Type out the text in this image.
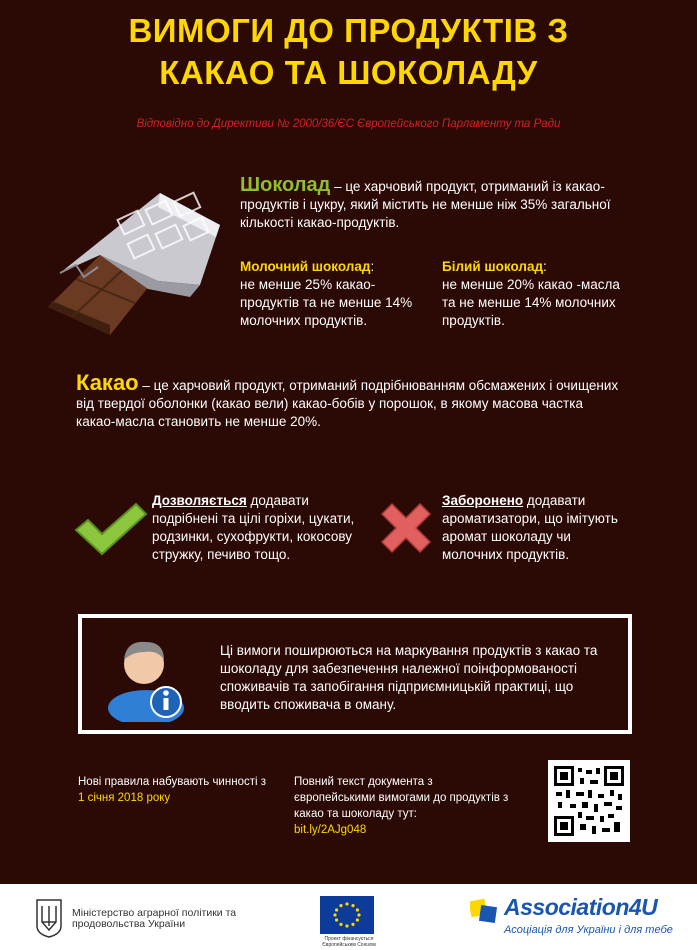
ВИМОГИ ДО ПРОДУКТІВ З
КАКАО ТА ШОКОЛАДУ
Відповідно до Директиви № 2000/36/ЄС Європейського Парламенту та Ради
Шоколад – це харчовий продукт, отриманий із какао-продуктів і цукру, який містить не менше ніж 35% загальної кількості какао-продуктів.
Молочний шоколад:
не менше 25% какао-продуктів та не менше 14% молочних продуктів.
Білий шоколад:
не менше 20% какао -масла та не менше 14% молочних продуктів.
Какао – це харчовий продукт, отриманий подрібнюванням обсмажених і очищених від твердої оболонки (какао вели) какао-бобів у порошок, в якому масова частка какао-масла становить не менше 20%.
Дозволяється додавати подрібнені та цілі горіхи, цукати, родзинки, сухофрукти, кокосову стружку, печиво тощо.
Заборонено додавати ароматизатори, що імітують аромат шоколаду чи молочних продуктів.
Ці вимоги поширюються на маркування продуктів з какао та шоколаду для забезпечення належної поінформованості споживачів та запобігання підприємницькій практиці, що вводить споживача в оману.
Нові правила набувають чинності з 1 січня 2018 року
Повний текст документа з європейськими вимогами до продуктів з какао та шоколаду тут:
bit.ly/2AJg048
Міністерство аграрної політики та продовольства України
Проект фінансується Європейським Союзом
Association4U
Асоціація для України і для тебе
